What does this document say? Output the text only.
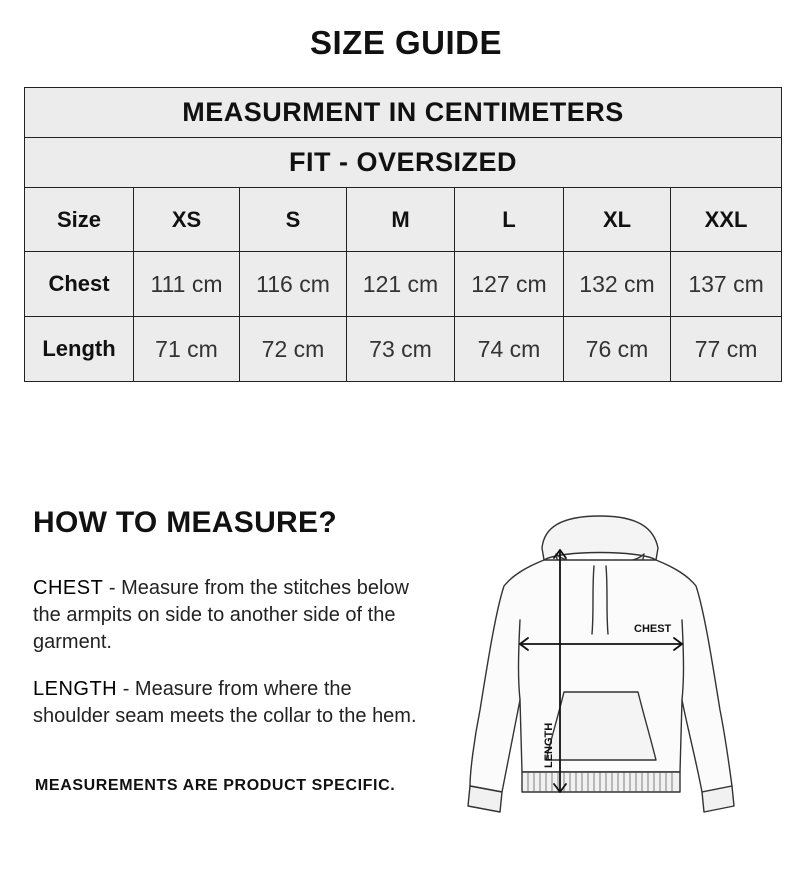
SIZE GUIDE
MEASURMENT IN CENTIMETERS						
FIT - OVERSIZED						
Size	XS	S	M	L	XL	XXL
Chest	111 cm	116 cm	121 cm	127 cm	132 cm	137 cm
Length	71 cm	72 cm	73 cm	74 cm	76 cm	77 cm
HOW TO MEASURE?
CHEST - Measure from the stitches below the armpits on side to another side of the garment.
LENGTH - Measure from where the shoulder seam meets the collar to the hem.
MEASUREMENTS ARE PRODUCT SPECIFIC.
CHEST
LENGTH
